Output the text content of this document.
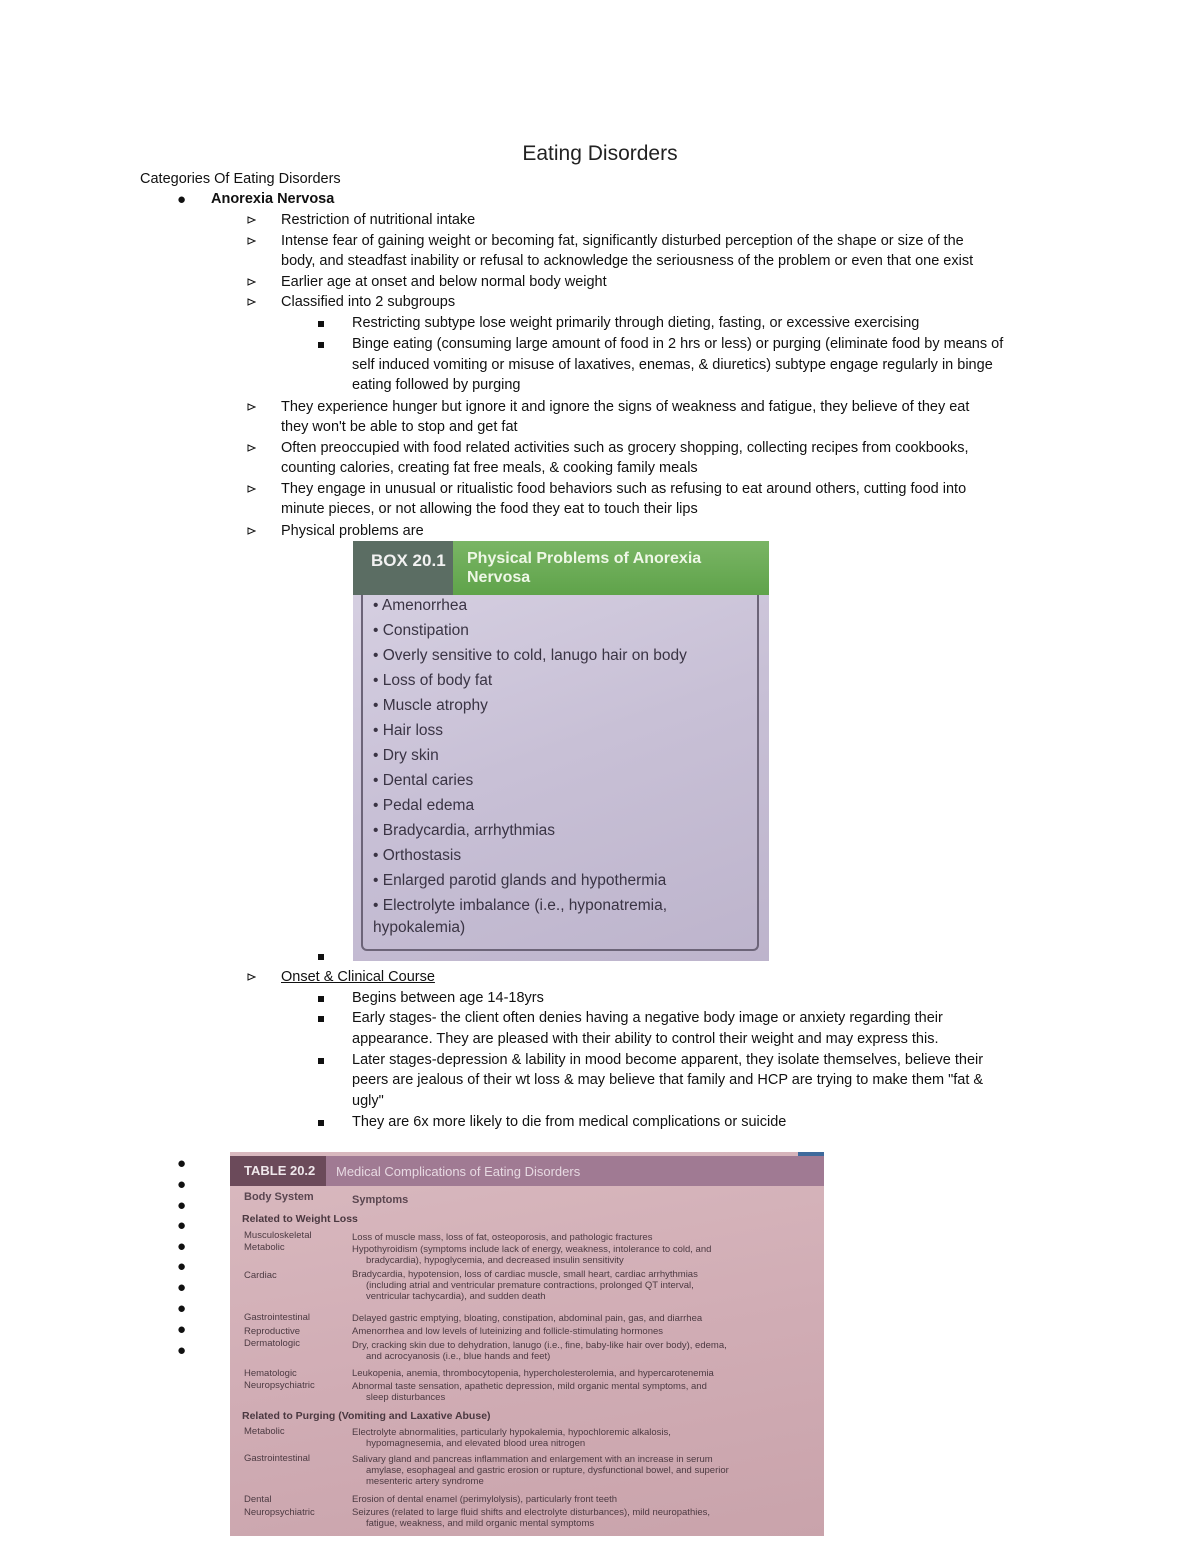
Eating Disorders
Categories Of Eating Disorders
● Anorexia Nervosa
Restriction of nutritional intake
Intense fear of gaining weight or becoming fat, significantly disturbed perception of the shape or size of the
body, and steadfast inability or refusal to acknowledge the seriousness of the problem or even that one exist
Earlier age at onset and below normal body weight
Classified into 2 subgroups
Restricting subtype lose weight primarily through dieting, fasting, or excessive exercising
Binge eating (consuming large amount of food in 2 hrs or less) or purging (eliminate food by means of
self induced vomiting or misuse of laxatives, enemas, & diuretics) subtype engage regularly in binge
eating followed by purging
They experience hunger but ignore it and ignore the signs of weakness and fatigue, they believe of they eat
they won't be able to stop and get fat
Often preoccupied with food related activities such as grocery shopping, collecting recipes from cookbooks,
counting calories, creating fat free meals, & cooking family meals
They engage in unusual or ritualistic food behaviors such as refusing to eat around others, cutting food into
minute pieces, or not allowing the food they eat to touch their lips
Physical problems are
BOX 20.1	Physical Problems of Anorexia
Nervosa
• Amenorrhea
• Constipation
• Overly sensitive to cold, lanugo hair on body
• Loss of body fat
• Muscle atrophy
• Hair loss
• Dry skin
• Dental caries
• Pedal edema
• Bradycardia, arrhythmias
• Orthostasis
• Enlarged parotid glands and hypothermia
• Electrolyte imbalance (i.e., hyponatremia,
hypokalemia)
Onset & Clinical Course
Begins between age 14-18yrs
Early stages- the client often denies having a negative body image or anxiety regarding their
appearance. They are pleased with their ability to control their weight and may express this.
Later stages-depression & lability in mood become apparent, they isolate themselves, believe their
peers are jealous of their wt loss & may believe that family and HCP are trying to make them "fat &
ugly"
They are 6x more likely to die from medical complications or suicide
●
●
●
●
●
●
●
●
●
●
TABLE 20.2	Medical Complications of Eating Disorders
Body System	Symptoms
Related to Weight Loss
Musculoskeletal	Loss of muscle mass, loss of fat, osteoporosis, and pathologic fractures
Metabolic	Hypothyroidism (symptoms include lack of energy, weakness, intolerance to cold, and
bradycardia), hypoglycemia, and decreased insulin sensitivity
Cardiac	Bradycardia, hypotension, loss of cardiac muscle, small heart, cardiac arrhythmias
(including atrial and ventricular premature contractions, prolonged QT interval,
ventricular tachycardia), and sudden death
Gastrointestinal	Delayed gastric emptying, bloating, constipation, abdominal pain, gas, and diarrhea
Reproductive	Amenorrhea and low levels of luteinizing and follicle-stimulating hormones
Dermatologic	Dry, cracking skin due to dehydration, lanugo (i.e., fine, baby-like hair over body), edema,
and acrocyanosis (i.e., blue hands and feet)
Hematologic	Leukopenia, anemia, thrombocytopenia, hypercholesterolemia, and hypercarotenemia
Neuropsychiatric	Abnormal taste sensation, apathetic depression, mild organic mental symptoms, and
sleep disturbances
Related to Purging (Vomiting and Laxative Abuse)
Metabolic	Electrolyte abnormalities, particularly hypokalemia, hypochloremic alkalosis,
hypomagnesemia, and elevated blood urea nitrogen
Gastrointestinal	Salivary gland and pancreas inflammation and enlargement with an increase in serum
amylase, esophageal and gastric erosion or rupture, dysfunctional bowel, and superior
mesenteric artery syndrome
Dental	Erosion of dental enamel (perimylolysis), particularly front teeth
Neuropsychiatric	Seizures (related to large fluid shifts and electrolyte disturbances), mild neuropathies,
fatigue, weakness, and mild organic mental symptoms
